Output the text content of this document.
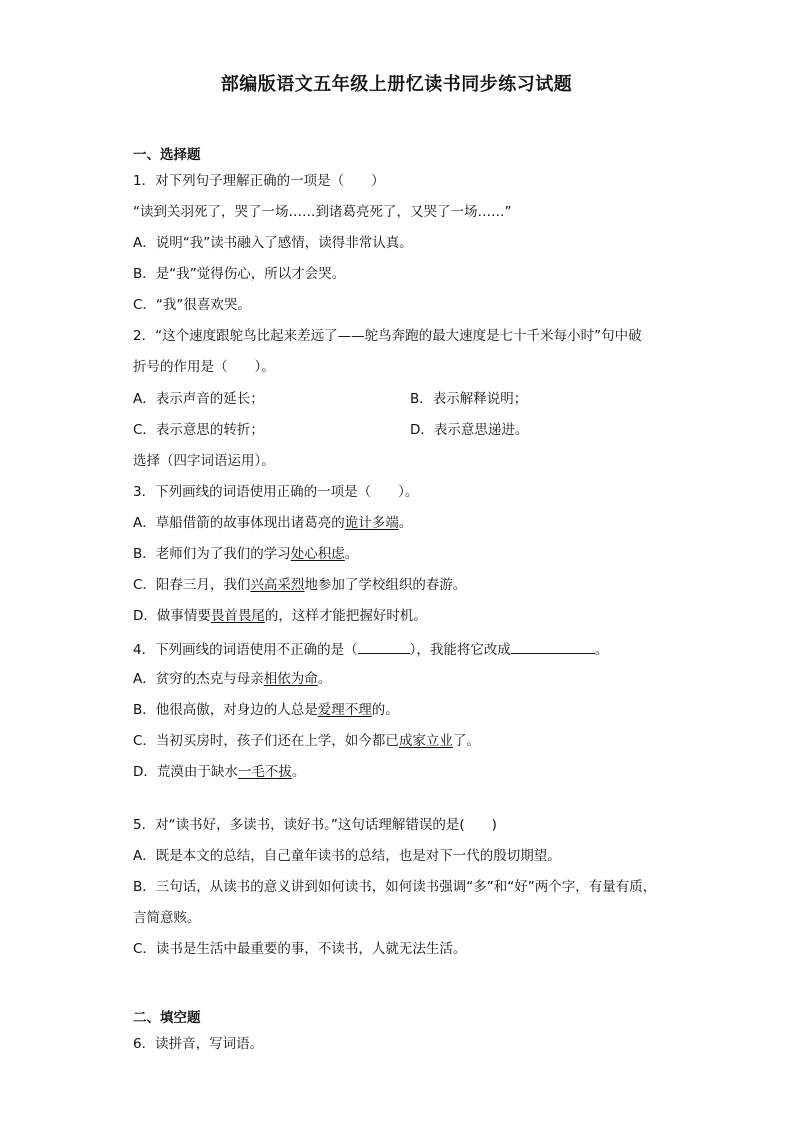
部编版语文五年级上册忆读书同步练习试题
一、选择题
1．对下列句子理解正确的一项是（　　）
“读到关羽死了，哭了一场……到诸葛亮死了，又哭了一场……”
A．说明“我”读书融入了感情，读得非常认真。
B．是“我”觉得伤心，所以才会哭。
C．“我”很喜欢哭。
2．“这个速度跟鸵鸟比起来差远了——鸵鸟奔跑的最大速度是七十千米每小时”句中破
折号的作用是（　　）。
A．表示声音的延长；	B．表示解释说明；
C．表示意思的转折；	D．表示意思递进。
选择（四字词语运用）。
3．下列画线的词语使用正确的一项是（　　）。
A．草船借箭的故事体现出诸葛亮的诡计多端。
B．老师们为了我们的学习处心积虑。
C．阳春三月，我们兴高采烈地参加了学校组织的春游。
D．做事情要畏首畏尾的，这样才能把握好时机。
4．下列画线的词语使用不正确的是（	），我能将它改成	。
A．贫穷的杰克与母亲相依为命。
B．他很高傲，对身边的人总是爱理不理的。
C．当初买房时，孩子们还在上学，如今都已成家立业了。
D．荒漠由于缺水一毛不拔。
5．对“读书好，多读书，读好书。”这句话理解错误的是(　　)
A．既是本文的总结，自己童年读书的总结，也是对下一代的殷切期望。
B．三句话，从读书的意义讲到如何读书，如何读书强调“多”和“好”两个字，有量有质，
言简意赅。
C．读书是生活中最重要的事，不读书，人就无法生活。
二、填空题
6．读拼音，写词语。
